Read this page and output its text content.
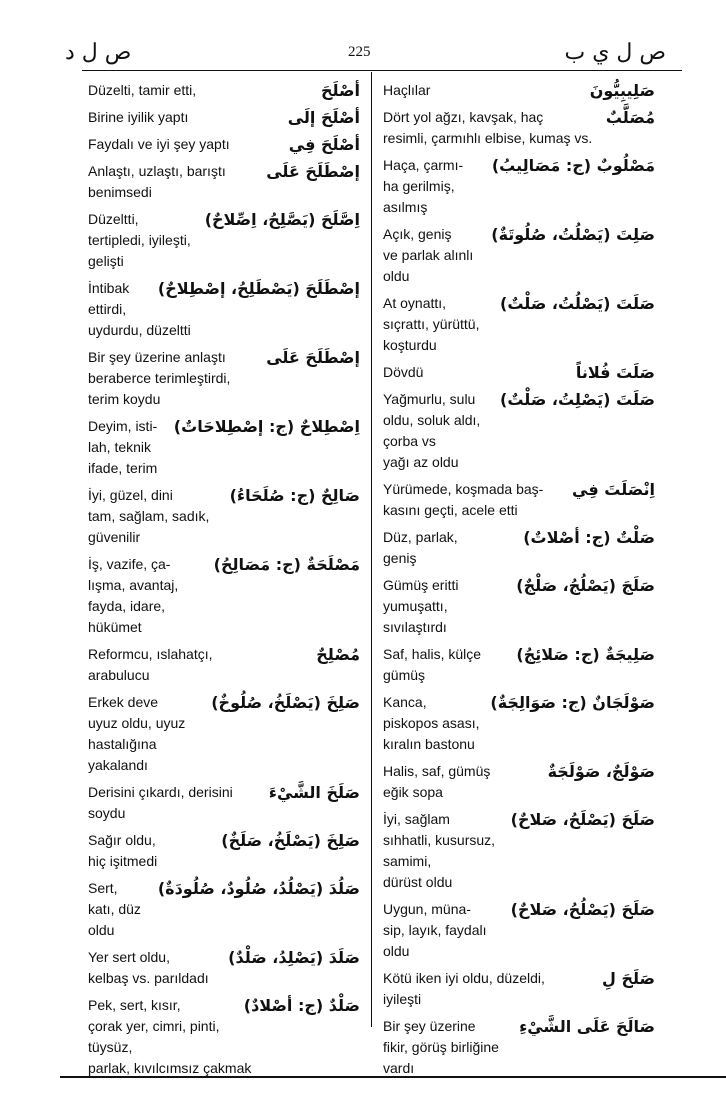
ص ل د	225	ص ل ي ب
أصْلَحَ
Düzelti, tamir etti,
أصْلَحَ إلَى
Birine iyilik yaptı
أصْلَحَ فِي
Faydalı ve iyi şey yaptı
إصْطَلَحَ عَلَى
Anlaştı, uzlaştı, barıştı
benimsedi
اِصَّلَحَ (يَصَّلِحُ، اِصِّلاحٌ)
Düzeltti,
tertipledi, iyileşti, gelişti
إصْطَلَحَ (يَصْطَلِحُ، إصْطِلاحٌ)
İntibak
ettirdi, uydurdu, düzeltti
إصْطَلَحَ عَلَى
Bir şey üzerine anlaştı
beraberce terimleştirdi, terim koydu
اِصْطِلاحٌ (ج: إصْطِلاحَاتٌ)
Deyim, isti-
lah, teknik ifade, terim
صَالِحٌ (ج: صُلَحَاءُ)
İyi, güzel, dini
tam, sağlam, sadık, güvenilir
مَصْلَحَةٌ (ج: مَصَالِحُ)
İş, vazife, ça-
lışma, avantaj, fayda, idare,
hükümet
مُصْلِحٌ
Reformcu, ıslahatçı,
arabulucu
صَلِخَ (يَصْلَخُ، صُلُوخٌ)
Erkek deve
uyuz oldu, uyuz hastalığına
yakalandı
صَلَخَ الشَّيْءَ
Derisini çıkardı, derisini
soydu
صَلِخَ (يَصْلَخُ، صَلَخٌ)
Sağır oldu,
hiç işitmedi
صَلُدَ (يَصْلُدُ، صُلُودٌ، صُلُودَةٌ)
Sert,
katı, düz oldu
صَلَدَ (يَصْلِدُ، صَلْدٌ)
Yer sert oldu,
kelbaş vs. parıldadı
صَلْدٌ (ج: أصْلادٌ)
Pek, sert, kısır,
çorak yer, cimri, pinti, tüysüz,
parlak, kıvılcımsız çakmak
صَلِيبِيُّونَ
Haçlılar
مُصَلَّبٌ
Dört yol ağzı, kavşak, haç
resimli, çarmıhlı elbise, kumaş vs.
مَصْلُوبٌ (ج: مَصَالِيبُ)
Haça, çarmı-
ha gerilmiş, asılmış
صَلِتَ (يَصْلُتُ، صُلُوتَةٌ)
Açık, geniş
ve parlak alınlı oldu
صَلَتَ (يَصْلُتُ، صَلْتٌ)
At oynattı,
sıçrattı, yürüttü, koşturdu
صَلَتَ فُلاناً
Dövdü
صَلَتَ (يَصْلِتُ، صَلْتٌ)
Yağmurlu, sulu
oldu, soluk aldı, çorba vs
yağı az oldu
اِنْصَلَتَ فِي
Yürümede, koşmada baş-
kasını geçti, acele etti
صَلْتٌ (ج: أصْلاتٌ)
Düz, parlak,
geniş
صَلَجَ (يَصْلُجُ، صَلْجٌ)
Gümüş eritti
yumuşattı, sıvılaştırdı
صَلِيجَةٌ (ج: صَلائِجُ)
Saf, halis, külçe
gümüş
صَوْلَجَانٌ (ج: صَوَالِجَةٌ)
Kanca,
piskopos asası, kıralın bastonu
صَوْلَجٌ، صَوْلَجَةٌ
Halis, saf, gümüş
eğik sopa
صَلَحَ (يَصْلَحُ، صَلاحٌ)
İyi, sağlam
sıhhatli, kusursuz, samimi,
dürüst oldu
صَلَحَ (يَصْلُحُ، صَلاحٌ)
Uygun, müna-
sip, layık, faydalı oldu
صَلَحَ لِ
Kötü iken iyi oldu, düzeldi,
iyileşti
صَالَحَ عَلَى الشَّيْءِ
Bir şey üzerine
fikir, görüş birliğine vardı
